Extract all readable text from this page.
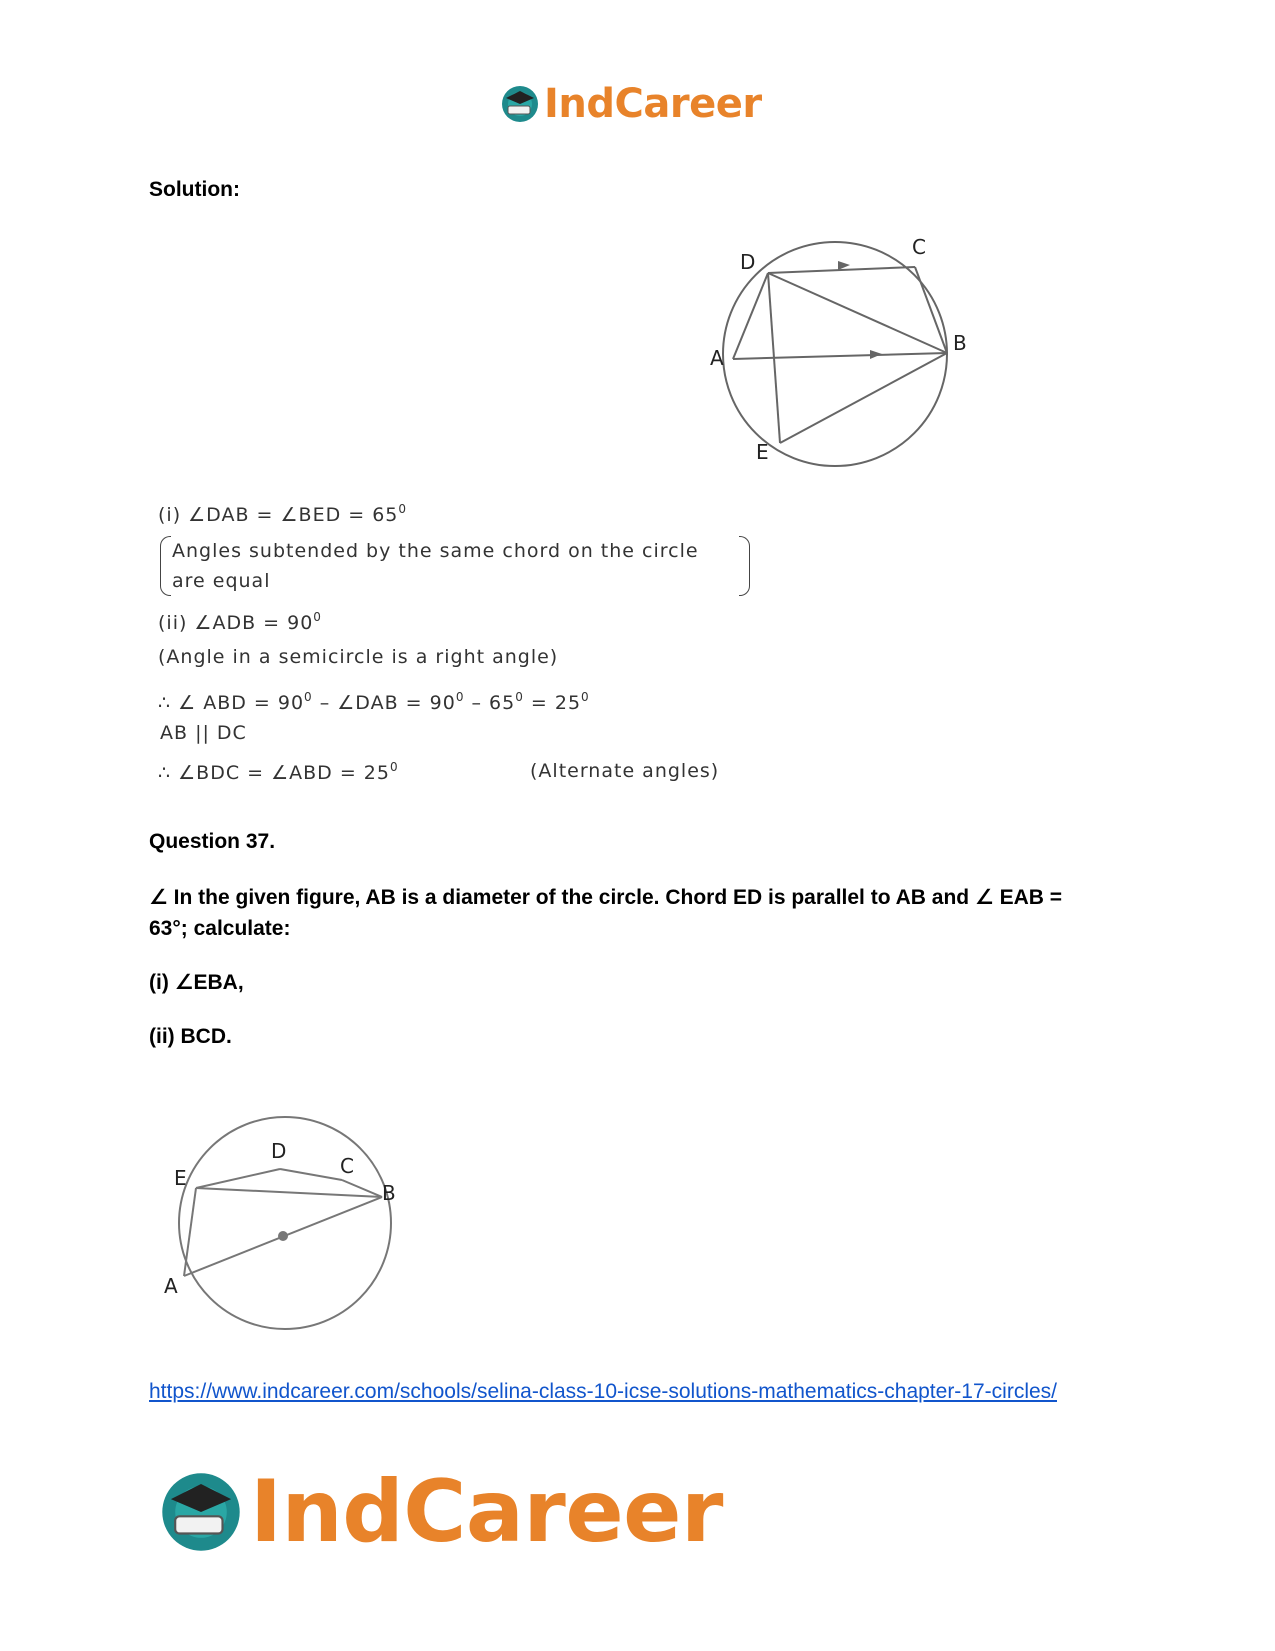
IndCareer
Solution:
D
C
A
B
E
(i) ∠DAB = ∠BED = $65^0$
Angles subtended by the same chord on the circle
are equal
(ii) ∠ADB = $90^0$
(Angle in a semicircle is a right angle)
∴ ∠ ABD = $90^0$ – ∠DAB = $90^0 - 65^0 = 25^0$
AB || DC
∴ ∠BDC = ∠ABD = $25^0$	(Alternate angles)
Question 37.
∠ In the given figure, AB is a diameter of the circle. Chord ED is parallel to AB and ∠ EAB = 63°; calculate:
(i) ∠EBA,
(ii) BCD.
D
C
E
B
A
https://www.indcareer.com/schools/selina-class-10-icse-solutions-mathematics-chapter-17-circles/
IndCareer
